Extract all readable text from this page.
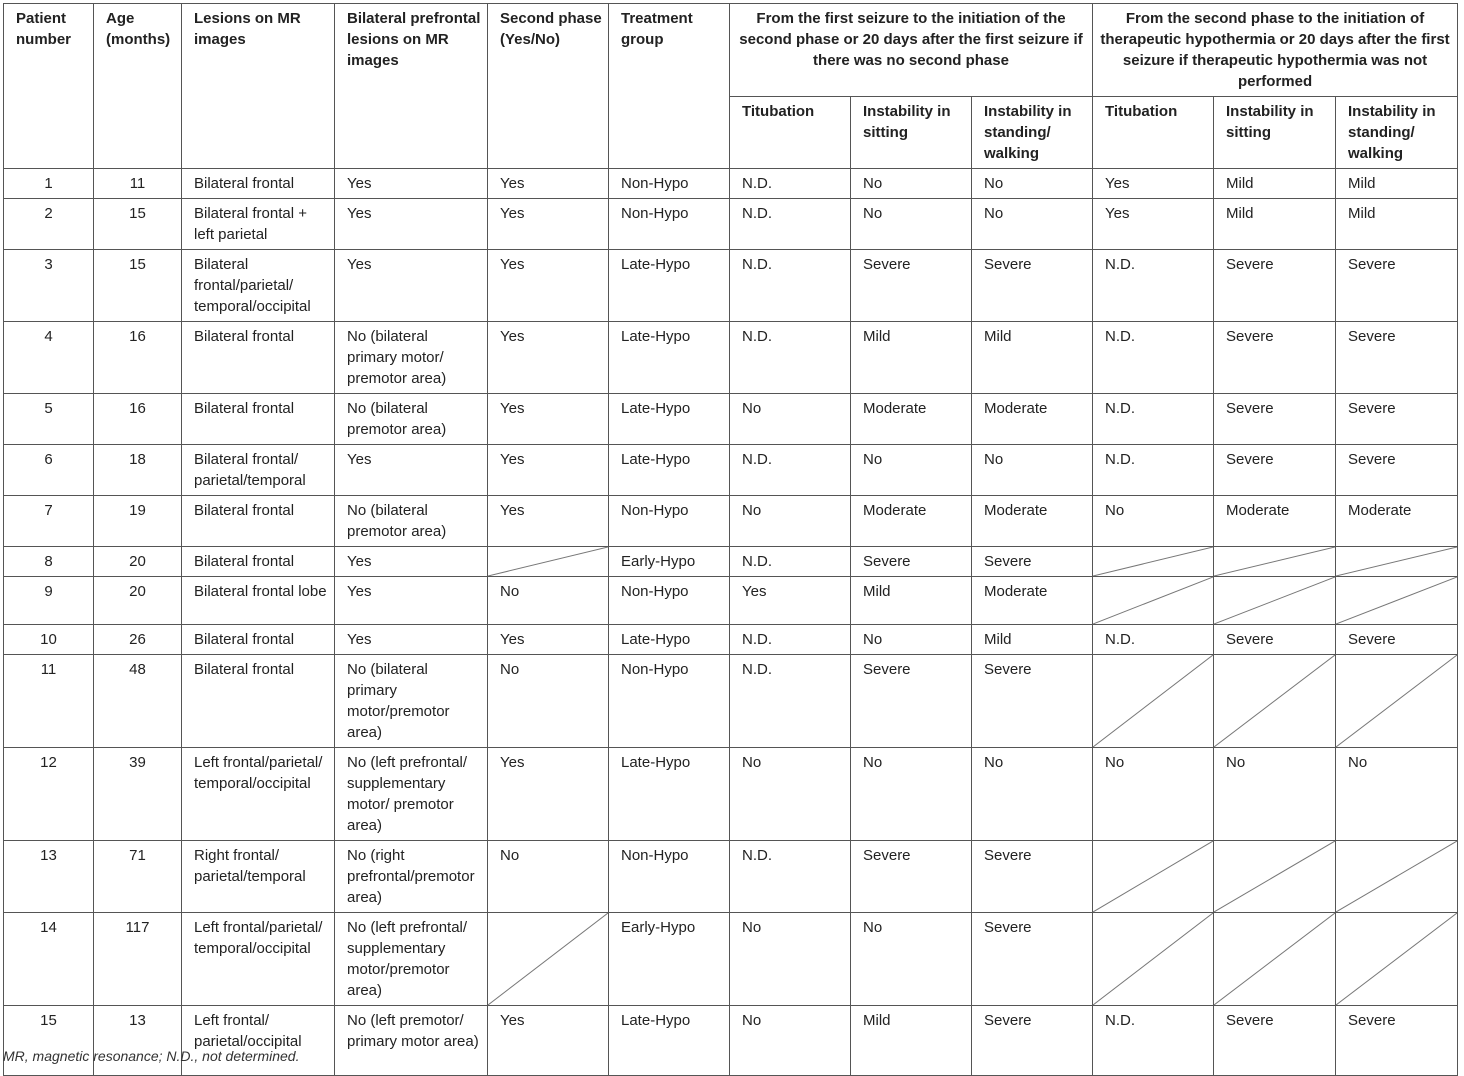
Patient number	Age (months)	Lesions on MR images	Bilateral prefrontal lesions on MR images	Second phase (Yes/No)	Treatment group	From the first seizure to the initiation of the second phase or 20 days after the first seizure if there was no second phase			From the second phase to the initiation of therapeutic hypothermia or 20 days after the first seizure if therapeutic hypothermia was not performed		
						Titubation	Instability in sitting	Instability in standing/ walking	Titubation	Instability in sitting	Instability in standing/ walking
1	11	Bilateral frontal	Yes	Yes	Non-Hypo	N.D.	No	No	Yes	Mild	Mild
2	15	Bilateral frontal + left parietal	Yes	Yes	Non-Hypo	N.D.	No	No	Yes	Mild	Mild
3	15	Bilateral frontal/parietal/ temporal/occipital	Yes	Yes	Late-Hypo	N.D.	Severe	Severe	N.D.	Severe	Severe
4	16	Bilateral frontal	No (bilateral primary motor/ premotor area)	Yes	Late-Hypo	N.D.	Mild	Mild	N.D.	Severe	Severe
5	16	Bilateral frontal	No (bilateral premotor area)	Yes	Late-Hypo	No	Moderate	Moderate	N.D.	Severe	Severe
6	18	Bilateral frontal/ parietal/temporal	Yes	Yes	Late-Hypo	N.D.	No	No	N.D.	Severe	Severe
7	19	Bilateral frontal	No (bilateral premotor area)	Yes	Non-Hypo	No	Moderate	Moderate	No	Moderate	Moderate
8	20	Bilateral frontal	Yes		Early-Hypo	N.D.	Severe	Severe	

9	20	Bilateral frontal lobe	Yes	No	Non-Hypo	Yes	Mild	Moderate	

10	26	Bilateral frontal	Yes	Yes	Late-Hypo	N.D.	No	Mild	N.D.	Severe	Severe
11	48	Bilateral frontal	No (bilateral primary motor/premotor area)	No	Non-Hypo	N.D.	Severe	Severe	

12	39	Left frontal/parietal/ temporal/occipital	No (left prefrontal/ supplementary motor/ premotor area)	Yes	Late-Hypo	No	No	No	No	No	No
13	71	Right frontal/ parietal/temporal	No (right prefrontal/premotor area)	No	Non-Hypo	N.D.	Severe	Severe	

14	117	Left frontal/parietal/ temporal/occipital	No (left prefrontal/ supplementary motor/premotor area)		Early-Hypo	No	No	Severe	

15	13	Left frontal/ parietal/occipital	No (left premotor/ primary motor area)	Yes	Late-Hypo	No	Mild	Severe	N.D.	Severe	Severe
MR, magnetic resonance; N.D., not determined.
